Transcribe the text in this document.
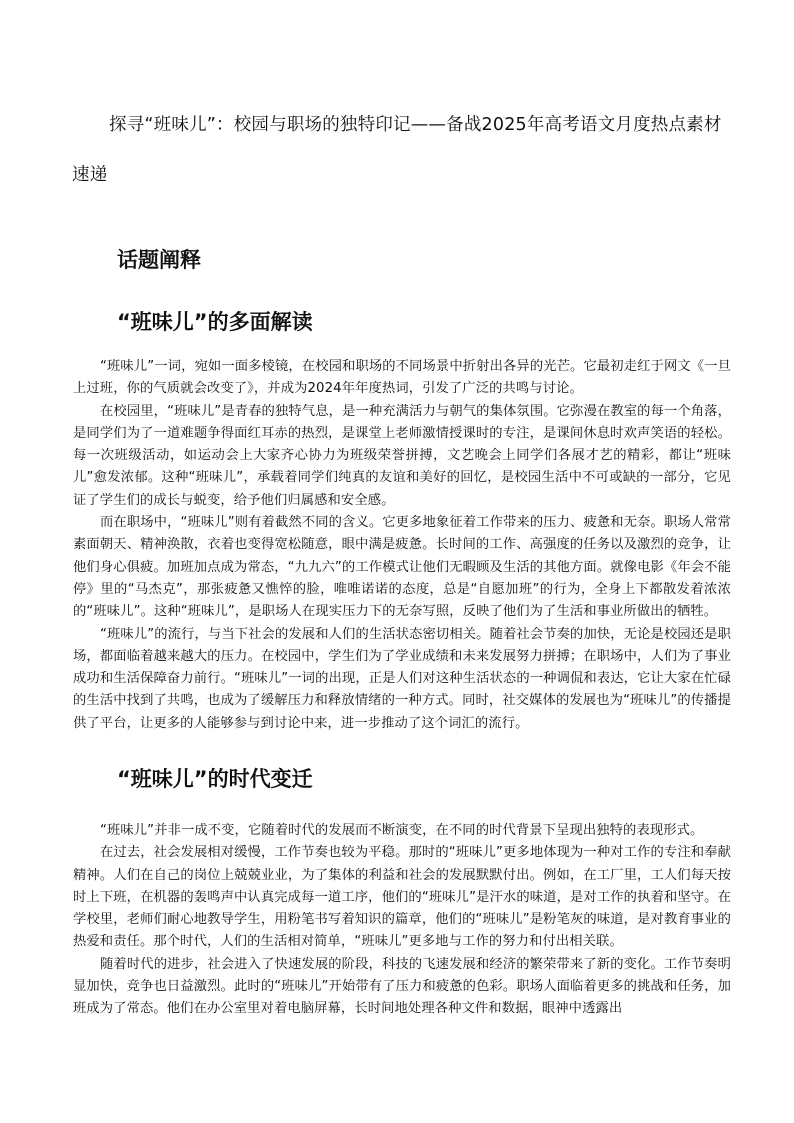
探寻“班味儿”：校园与职场的独特印记——备战2025年高考语文月度热点素材速递
话题阐释
“班味儿”的多面解读

“班味儿”一词，宛如一面多棱镜，在校园和职场的不同场景中折射出各异的光芒。它最初走红于网文《一旦上过班，你的气质就会改变了》，并成为2024年年度热词，引发了广泛的共鸣与讨论。

在校园里，“班味儿”是青春的独特气息，是一种充满活力与朝气的集体氛围。它弥漫在教室的每一个角落，是同学们为了一道难题争得面红耳赤的热烈，是课堂上老师激情授课时的专注，是课间休息时欢声笑语的轻松。每一次班级活动，如运动会上大家齐心协力为班级荣誉拼搏，文艺晚会上同学们各展才艺的精彩，都让“班味儿”愈发浓郁。这种“班味儿”，承载着同学们纯真的友谊和美好的回忆，是校园生活中不可或缺的一部分，它见证了学生们的成长与蜕变，给予他们归属感和安全感。

而在职场中，“班味儿”则有着截然不同的含义。它更多地象征着工作带来的压力、疲惫和无奈。职场人常常素面朝天、精神涣散，衣着也变得宽松随意，眼中满是疲惫。长时间的工作、高强度的任务以及激烈的竞争，让他们身心俱疲。加班加点成为常态，“九九六”的工作模式让他们无暇顾及生活的其他方面。就像电影《年会不能停》里的“马杰克”，那张疲惫又憔悴的脸，唯唯诺诺的态度，总是“自愿加班”的行为，全身上下都散发着浓浓的“班味儿”。这种“班味儿”，是职场人在现实压力下的无奈写照，反映了他们为了生活和事业所做出的牺牲。

“班味儿”的流行，与当下社会的发展和人们的生活状态密切相关。随着社会节奏的加快，无论是校园还是职场，都面临着越来越大的压力。在校园中，学生们为了学业成绩和未来发展努力拼搏；在职场中，人们为了事业成功和生活保障奋力前行。“班味儿”一词的出现，正是人们对这种生活状态的一种调侃和表达，它让大家在忙碌的生活中找到了共鸣，也成为了缓解压力和释放情绪的一种方式。同时，社交媒体的发展也为“班味儿”的传播提供了平台，让更多的人能够参与到讨论中来，进一步推动了这个词汇的流行。

“班味儿”的时代变迁

“班味儿”并非一成不变，它随着时代的发展而不断演变，在不同的时代背景下呈现出独特的表现形式。

在过去，社会发展相对缓慢，工作节奏也较为平稳。那时的“班味儿”更多地体现为一种对工作的专注和奉献精神。人们在自己的岗位上兢兢业业，为了集体的利益和社会的发展默默付出。例如，在工厂里，工人们每天按时上下班，在机器的轰鸣声中认真完成每一道工序，他们的“班味儿”是汗水的味道，是对工作的执着和坚守。在学校里，老师们耐心地教导学生，用粉笔书写着知识的篇章，他们的“班味儿”是粉笔灰的味道，是对教育事业的热爱和责任。那个时代，人们的生活相对简单，“班味儿”更多地与工作的努力和付出相关联。

随着时代的进步，社会进入了快速发展的阶段，科技的飞速发展和经济的繁荣带来了新的变化。工作节奏明显加快，竞争也日益激烈。此时的“班味儿”开始带有了压力和疲惫的色彩。职场人面临着更多的挑战和任务，加班成为了常态。他们在办公室里对着电脑屏幕，长时间地处理各种文件和数据，眼神中透露出
